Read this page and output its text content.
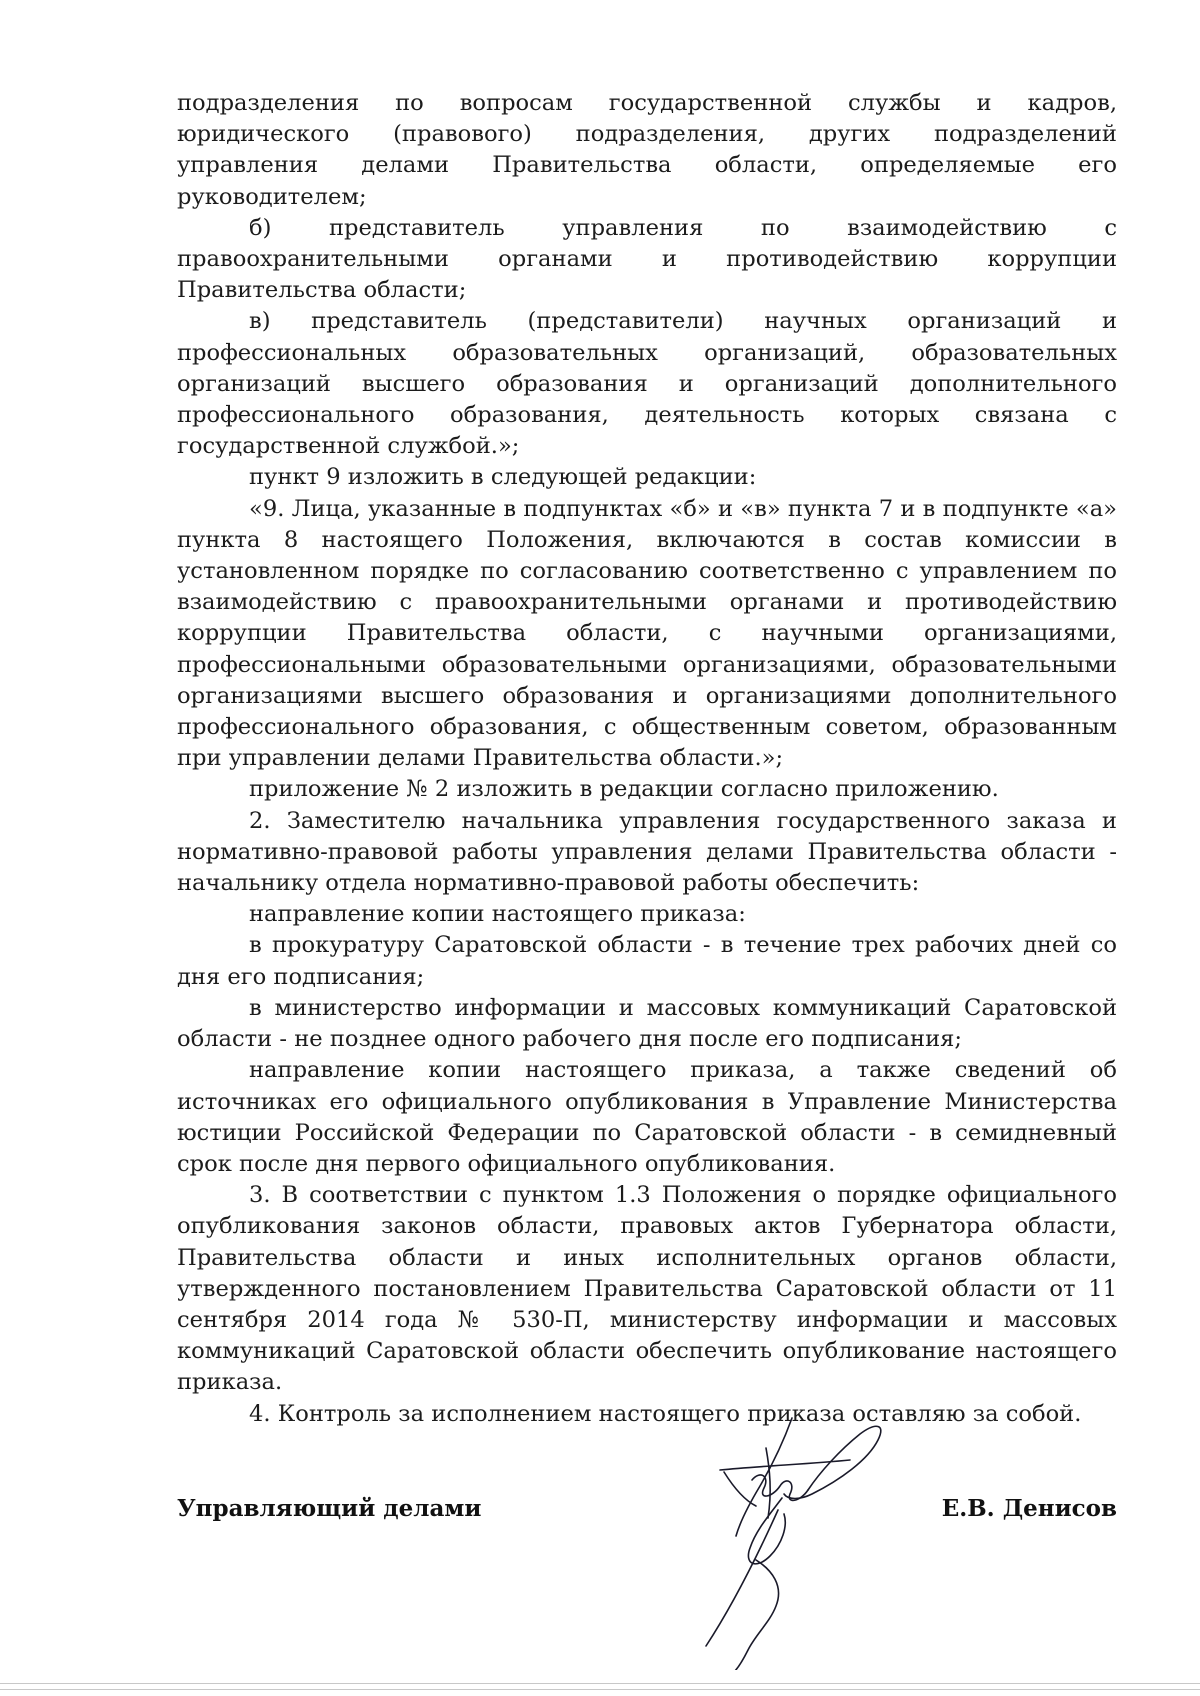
подразделения по вопросам государственной службы и кадров, юридического (правового) подразделения, других подразделений управления делами Правительства области, определяемые его руководителем;

б) представитель управления по взаимодействию с правоохранительными органами и противодействию коррупции Правительства области;

в) представитель (представители) научных организаций и профессиональных образовательных организаций, образовательных организаций высшего образования и организаций дополнительного профессионального образования, деятельность которых связана с государственной службой.»;

пункт 9 изложить в следующей редакции:

«9. Лица, указанные в подпунктах «б» и «в» пункта 7 и в подпункте «а» пункта 8 настоящего Положения, включаются в состав комиссии в установленном порядке по согласованию соответственно с управлением по взаимодействию с правоохранительными органами и противодействию коррупции Правительства области, с научными организациями, профессиональными образовательными организациями, образовательными организациями высшего образования и организациями дополнительного профессионального образования, с общественным советом, образованным при управлении делами Правительства области.»;

приложение № 2 изложить в редакции согласно приложению.

2. Заместителю начальника управления государственного заказа и нормативно-правовой работы управления делами Правительства области - начальнику отдела нормативно-правовой работы обеспечить:

направление копии настоящего приказа:

в прокуратуру Саратовской области - в течение трех рабочих дней со дня его подписания;

в министерство информации и массовых коммуникаций Саратовской области - не позднее одного рабочего дня после его подписания;

направление копии настоящего приказа, а также сведений об источниках его официального опубликования в Управление Министерства юстиции Российской Федерации по Саратовской области - в семидневный срок после дня первого официального опубликования.

3. В соответствии с пунктом 1.3 Положения о порядке официального опубликования законов области, правовых актов Губернатора области, Правительства области и иных исполнительных органов области, утвержденного постановлением Правительства Саратовской области от 11 сентября 2014 года № 530-П, министерству информации и массовых коммуникаций Саратовской области обеспечить опубликование настоящего приказа.

4. Контроль за исполнением настоящего приказа оставляю за собой.

Управляющий делами	Е.В. Денисов
